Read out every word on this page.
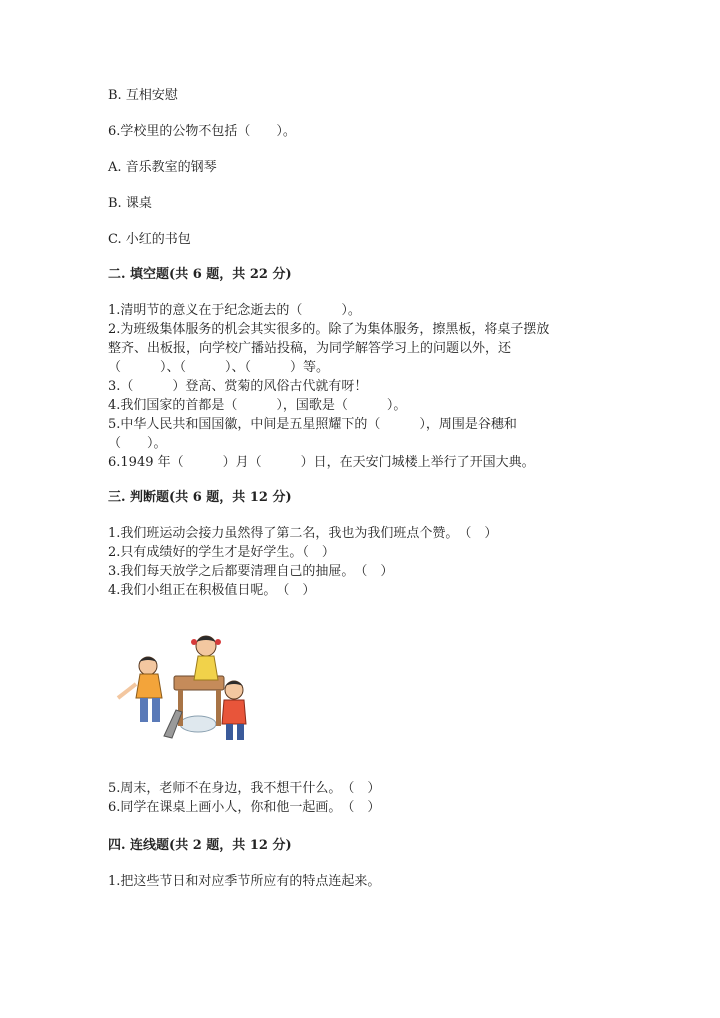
B. 互相安慰
6.学校里的公物不包括（　　）。
A. 音乐教室的钢琴
B. 课桌
C. 小红的书包
二. 填空题(共 6 题，共 22 分)
1.清明节的意义在于纪念逝去的（　　　）。
2.为班级集体服务的机会其实很多的。除了为集体服务，擦黑板，将桌子摆放
整齐、出板报，向学校广播站投稿，为同学解答学习上的问题以外，还
（　　　）、（　　　）、（　　　）等。
3.（　　　）登高、赏菊的风俗古代就有呀！
4.我们国家的首都是（　　　），国歌是（　　　）。
5.中华人民共和国国徽，中间是五星照耀下的（　　　），周围是谷穗和
（　　）。
6.1949 年（　　　）月（　　　）日，在天安门城楼上举行了开国大典。
三. 判断题(共 6 题，共 12 分)
1.我们班运动会接力虽然得了第二名，我也为我们班点个赞。　（　）
2.只有成绩好的学生才是好学生。（　）
3.我们每天放学之后都要清理自己的抽屉。　（　）
4.我们小组正在积极值日呢。　（　）
5.周末，老师不在身边，我不想干什么。　（　）
6.同学在课桌上画小人，你和他一起画。　（　）
四. 连线题(共 2 题，共 12 分)
1.把这些节日和对应季节所应有的特点连起来。
